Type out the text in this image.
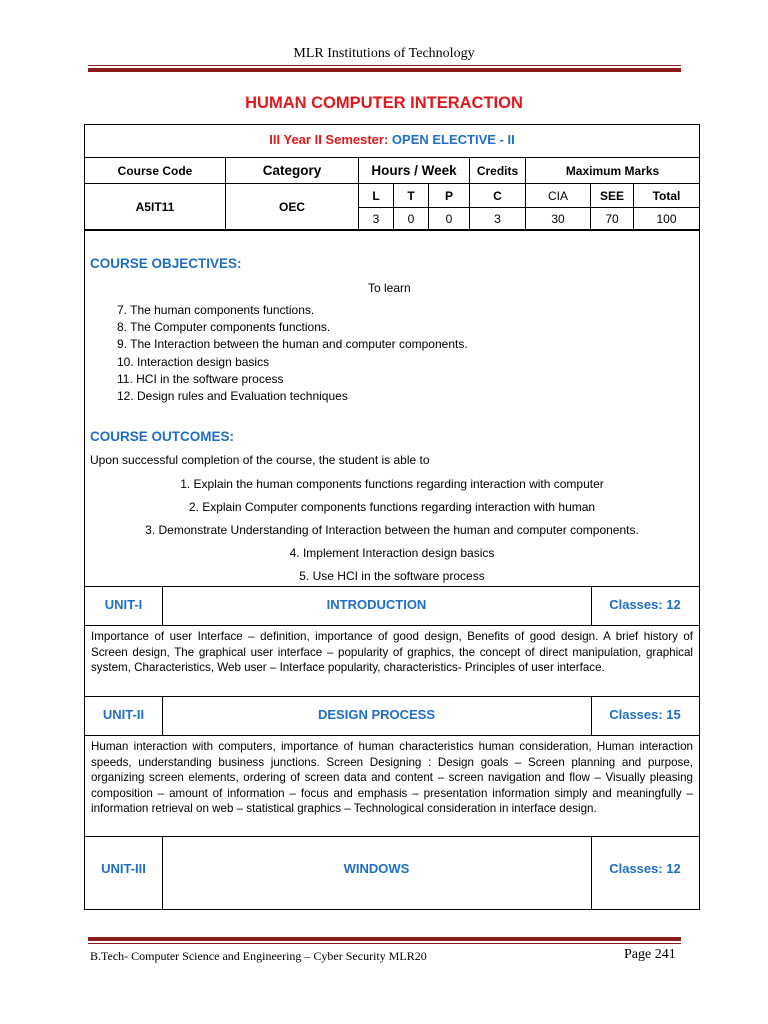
MLR Institutions of Technology
HUMAN COMPUTER INTERACTION
III Year II Semester: OPEN ELECTIVE - II
Course Code	Category	Hours / Week			Credits	Maximum Marks		
A5IT11	OEC	L	T	P	C	CIA	SEE	Total
		3	0	0	3	30	70	100
COURSE OBJECTIVES:
To learn
7. The human components functions.
8. The Computer components functions.
9. The Interaction between the human and computer components.
10. Interaction design basics
11. HCI in the software process
12. Design rules and Evaluation techniques
COURSE OUTCOMES:
Upon successful completion of the course, the student is able to
1. Explain the human components functions regarding interaction with computer
2. Explain Computer components functions regarding interaction with human
3. Demonstrate Understanding of Interaction between the human and computer components.
4. Implement Interaction design basics
5. Use HCI in the software process
UNIT-I	INTRODUCTION	Classes: 12
Importance of user Interface – definition, importance of good design, Benefits of good design. A brief history of Screen design, The graphical user interface – popularity of graphics, the concept of direct manipulation, graphical system, Characteristics, Web user – Interface popularity, characteristics- Principles of user interface.
UNIT-II	DESIGN PROCESS	Classes: 15
Human interaction with computers, importance of human characteristics human consideration, Human interaction speeds, understanding business junctions. Screen Designing : Design goals – Screen planning and purpose, organizing screen elements, ordering of screen data and content – screen navigation and flow – Visually pleasing composition – amount of information – focus and emphasis – presentation information simply and meaningfully – information retrieval on web – statistical graphics – Technological consideration in interface design.
UNIT-III	WINDOWS	Classes: 12
B.Tech- Computer Science and Engineering – Cyber Security MLR20	Page 241
